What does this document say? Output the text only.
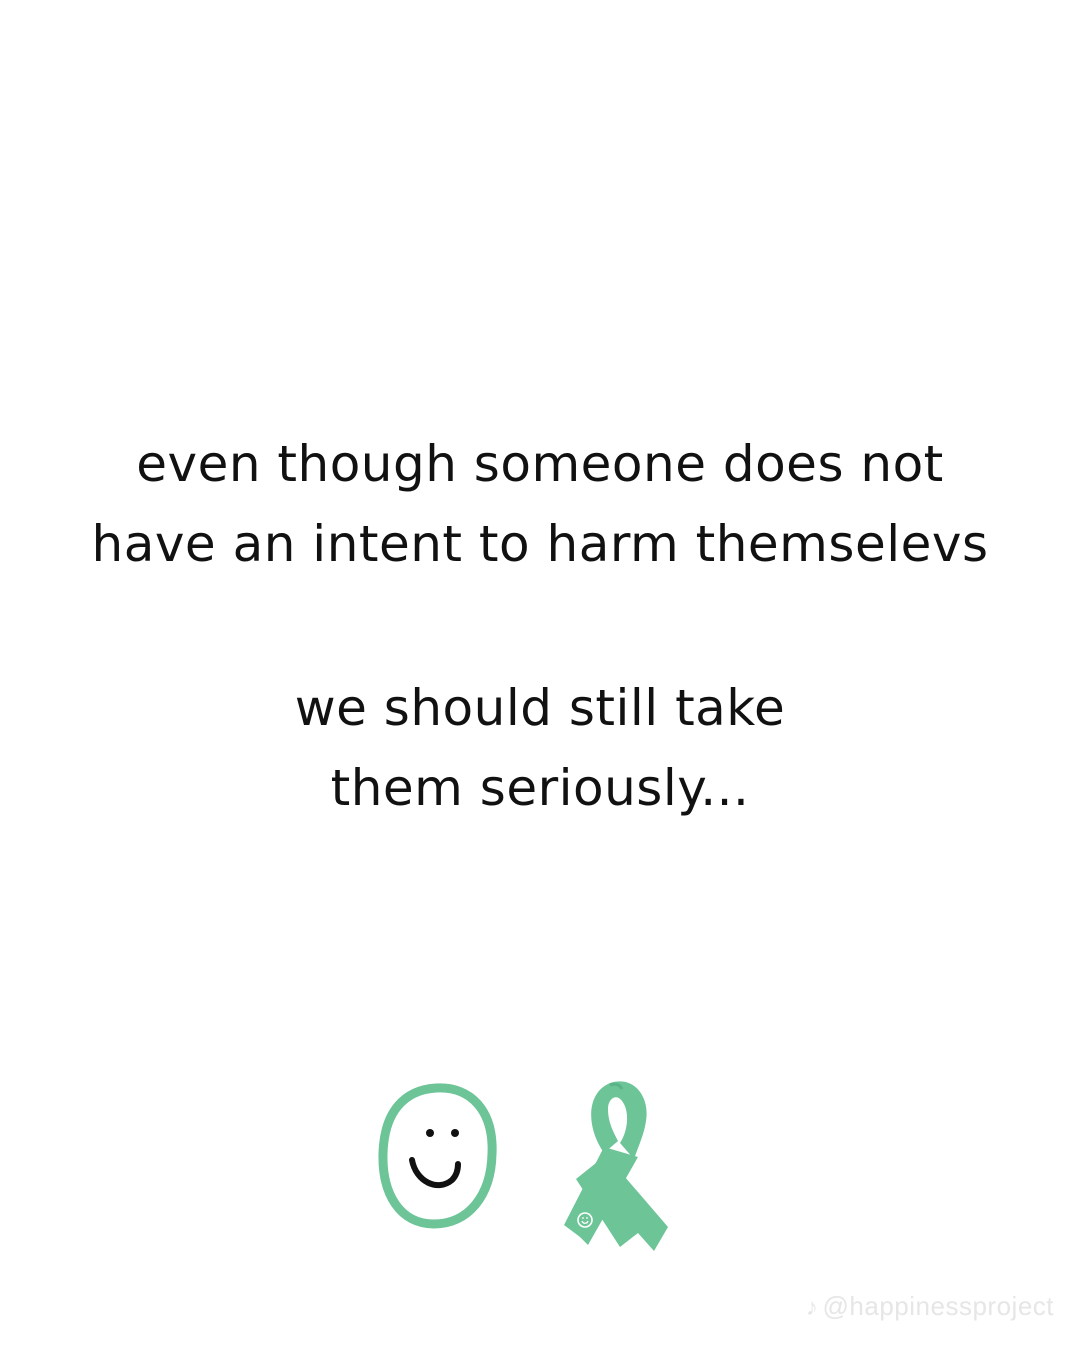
even though someone does not
have an intent to harm themselevs
we should still take
them seriously...
♪ @happinessproject
